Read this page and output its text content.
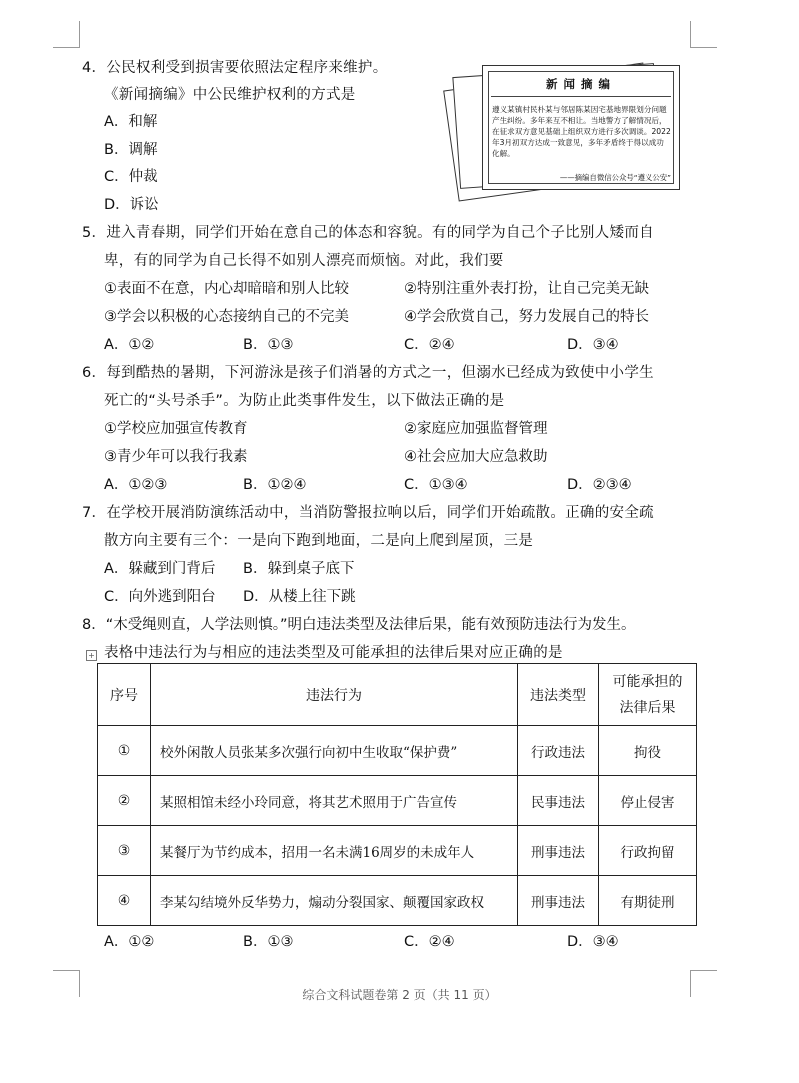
4．公民权利受到损害要依照法定程序来维护。
《新闻摘编》中公民维护权利的方式是
A．和解
B．调解
C．仲裁
D．诉讼
新闻摘编
遵义某镇村民朴某与邻居陈某因宅基地界限划分问题产生纠纷。多年来互不相让。当地警方了解情况后，在征求双方意见基础上组织双方进行多次调谈。2022年3月初双方达成一致意见，多年矛盾终于得以成功化解。
——摘编自微信公众号“遵义公安”
5．进入青春期，同学们开始在意自己的体态和容貌。有的同学为自己个子比别人矮而自
卑，有的同学为自己长得不如别人漂亮而烦恼。对此，我们要
①表面不在意，内心却暗暗和别人比较	②特别注重外表打扮，让自己完美无缺
③学会以积极的心态接纳自己的不完美	④学会欣赏自己，努力发展自己的特长
A．①②	B．①③	C．②④	D．③④
6．每到酷热的暑期，下河游泳是孩子们消暑的方式之一，但溺水已经成为致使中小学生
死亡的“头号杀手”。为防止此类事件发生，以下做法正确的是
①学校应加强宣传教育	②家庭应加强监督管理
③青少年可以我行我素	④社会应加大应急救助
A．①②③	B．①②④	C．①③④	D．②③④
7．在学校开展消防演练活动中，当消防警报拉响以后，同学们开始疏散。正确的安全疏
散方向主要有三个：一是向下跑到地面，二是向上爬到屋顶，三是
A．躲藏到门背后 B．躲到桌子底下
C．向外逃到阳台 D．从楼上往下跳
8．“木受绳则直，人学法则慎。”明白违法类型及法律后果，能有效预防违法行为发生。
+ 表格中违法行为与相应的违法类型及可能承担的法律后果对应正确的是
序号	违法行为	违法类型	可能承担的
法律后果

①	校外闲散人员张某多次强行向初中生收取“保护费”	行政违法	拘役
②	某照相馆未经小玲同意，将其艺术照用于广告宣传	民事违法	停止侵害
③	某餐厅为节约成本，招用一名未满16周岁的未成年人	刑事违法	行政拘留
④	李某勾结境外反华势力，煽动分裂国家、颠覆国家政权	刑事违法	有期徒刑
A．①②	B．①③	C．②④	D．③④
综合文科试题卷第 2 页（共 11 页）
